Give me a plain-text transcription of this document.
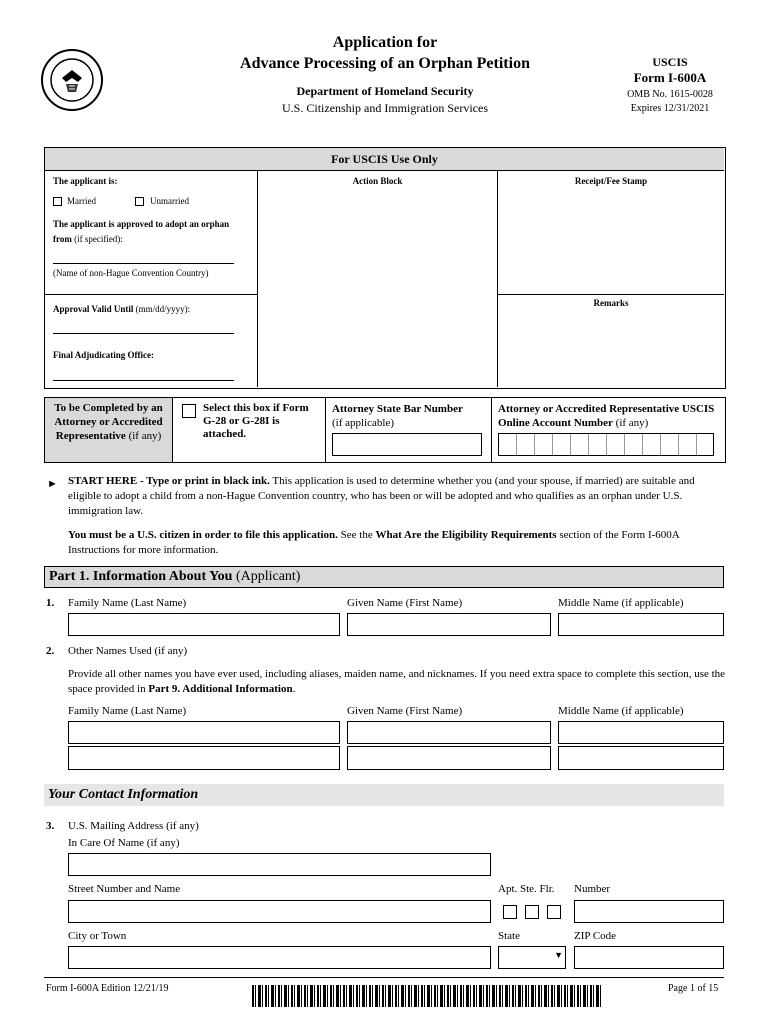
Application for
Advance Processing of an Orphan Petition
Department of Homeland Security
U.S. Citizenship and Immigration Services
USCIS
Form I-600A
OMB No. 1615-0028
Expires 12/31/2021
For USCIS Use Only
The applicant is:
Married	Unmarried
The applicant is approved to adopt an orphan from (if specified):
(Name of non-Hague Convention Country)
Approval Valid Until (mm/dd/yyyy):
Final Adjudicating Office:
Action Block	Receipt/Fee Stamp
Remarks
To be Completed by an Attorney or Accredited Representative (if any)
Select this box if Form G-28 or G-28I is attached.
Attorney State Bar Number
(if applicable)
Attorney or Accredited Representative USCIS Online Account Number (if any)
► START HERE - Type or print in black ink. This application is used to determine whether you (and your spouse, if married) are suitable and eligible to adopt a child from a non-Hague Convention country, who has been or will be adopted and who qualifies as an orphan under U.S. immigration law.
You must be a U.S. citizen in order to file this application. See the What Are the Eligibility Requirements section of the Form I-600A Instructions for more information.
Part 1. Information About You (Applicant)
1. Family Name (Last Name)	Given Name (First Name)	Middle Name (if applicable)
2. Other Names Used (if any)
Provide all other names you have ever used, including aliases, maiden name, and nicknames. If you need extra space to complete this section, use the space provided in Part 9. Additional Information.
Family Name (Last Name)	Given Name (First Name)	Middle Name (if applicable)
Your Contact Information
3. U.S. Mailing Address (if any)
In Care Of Name (if any)
Street Number and Name	Apt. Ste. Flr. Number
City or Town	State	ZIP Code
▼
Form I-600A Edition 12/21/19	Page 1 of 15
